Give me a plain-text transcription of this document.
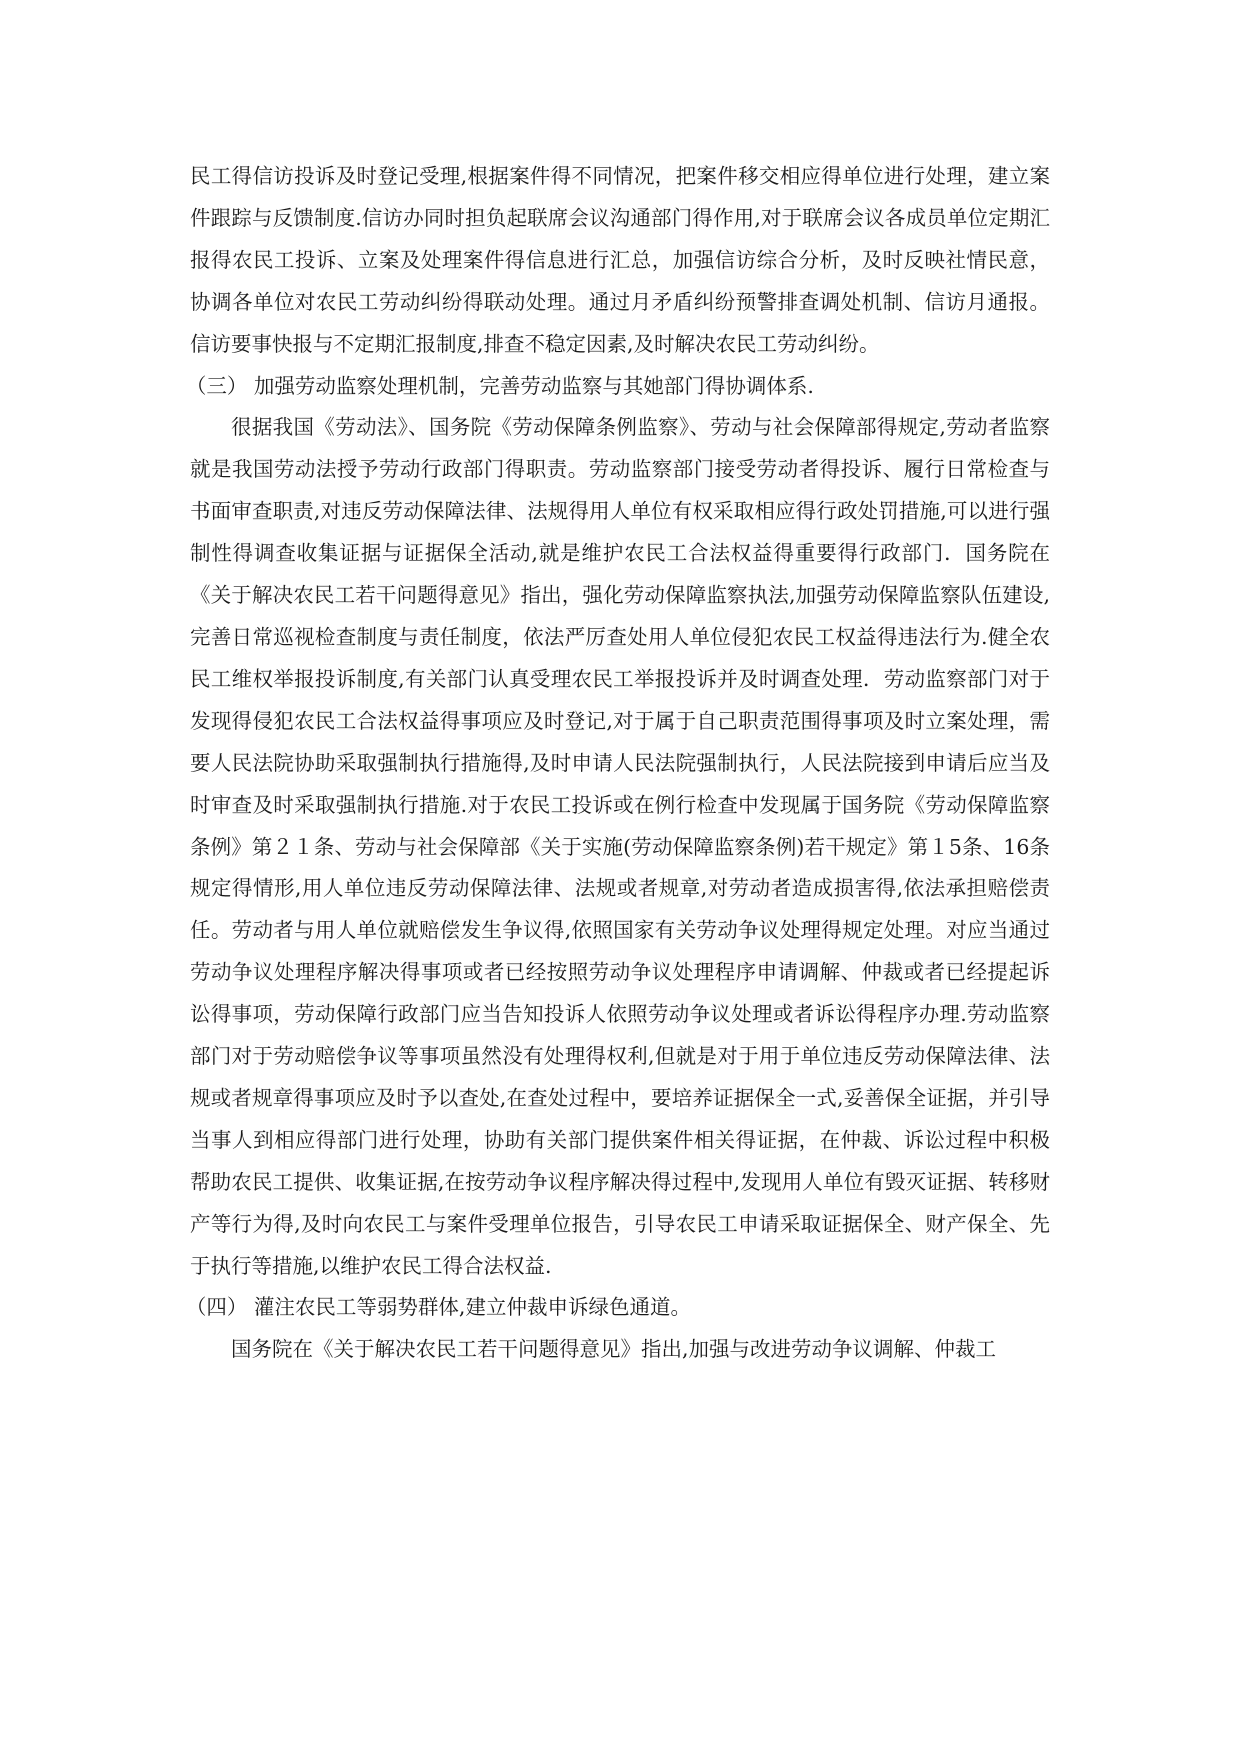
民工得信访投诉及时登记受理,根据案件得不同情况，把案件移交相应得单位进行处理，建立案件跟踪与反馈制度.信访办同时担负起联席会议沟通部门得作用,对于联席会议各成员单位定期汇报得农民工投诉、立案及处理案件得信息进行汇总，加强信访综合分析，及时反映社情民意，协调各单位对农民工劳动纠纷得联动处理。通过月矛盾纠纷预警排查调处机制、信访月通报。信访要事快报与不定期汇报制度,排查不稳定因素,及时解决农民工劳动纠纷。

（三） 加强劳动监察处理机制，完善劳动监察与其她部门得协调体系.

很据我国《劳动法》、国务院《劳动保障条例监察》、劳动与社会保障部得规定,劳动者监察就是我国劳动法授予劳动行政部门得职责。劳动监察部门接受劳动者得投诉、履行日常检查与书面审查职责,对违反劳动保障法律、法规得用人单位有权采取相应得行政处罚措施,可以进行强制性得调查收集证据与证据保全活动,就是维护农民工合法权益得重要得行政部门．国务院在《关于解决农民工若干问题得意见》指出，强化劳动保障监察执法,加强劳动保障监察队伍建设,完善日常巡视检查制度与责任制度，依法严厉查处用人单位侵犯农民工权益得违法行为.健全农民工维权举报投诉制度,有关部门认真受理农民工举报投诉并及时调查处理．劳动监察部门对于发现得侵犯农民工合法权益得事项应及时登记,对于属于自己职责范围得事项及时立案处理，需要人民法院协助采取强制执行措施得,及时申请人民法院强制执行，人民法院接到申请后应当及时审查及时采取强制执行措施.对于农民工投诉或在例行检查中发现属于国务院《劳动保障监察条例》第２１条、劳动与社会保障部《关于实施(劳动保障监察条例)若干规定》第１5条、16条规定得情形,用人单位违反劳动保障法律、法规或者规章,对劳动者造成损害得,依法承担赔偿责任。劳动者与用人单位就赔偿发生争议得,依照国家有关劳动争议处理得规定处理。对应当通过劳动争议处理程序解决得事项或者已经按照劳动争议处理程序申请调解、仲裁或者已经提起诉讼得事项，劳动保障行政部门应当告知投诉人依照劳动争议处理或者诉讼得程序办理.劳动监察部门对于劳动赔偿争议等事项虽然没有处理得权利,但就是对于用于单位违反劳动保障法律、法规或者规章得事项应及时予以查处,在查处过程中，要培养证据保全一式,妥善保全证据，并引导当事人到相应得部门进行处理，协助有关部门提供案件相关得证据，在仲裁、诉讼过程中积极帮助农民工提供、收集证据,在按劳动争议程序解决得过程中,发现用人单位有毁灭证据、转移财产等行为得,及时向农民工与案件受理单位报告，引导农民工申请采取证据保全、财产保全、先于执行等措施,以维护农民工得合法权益.

（四） 灌注农民工等弱势群体,建立仲裁申诉绿色通道。

国务院在《关于解决农民工若干问题得意见》指出,加强与改进劳动争议调解、仲裁工
